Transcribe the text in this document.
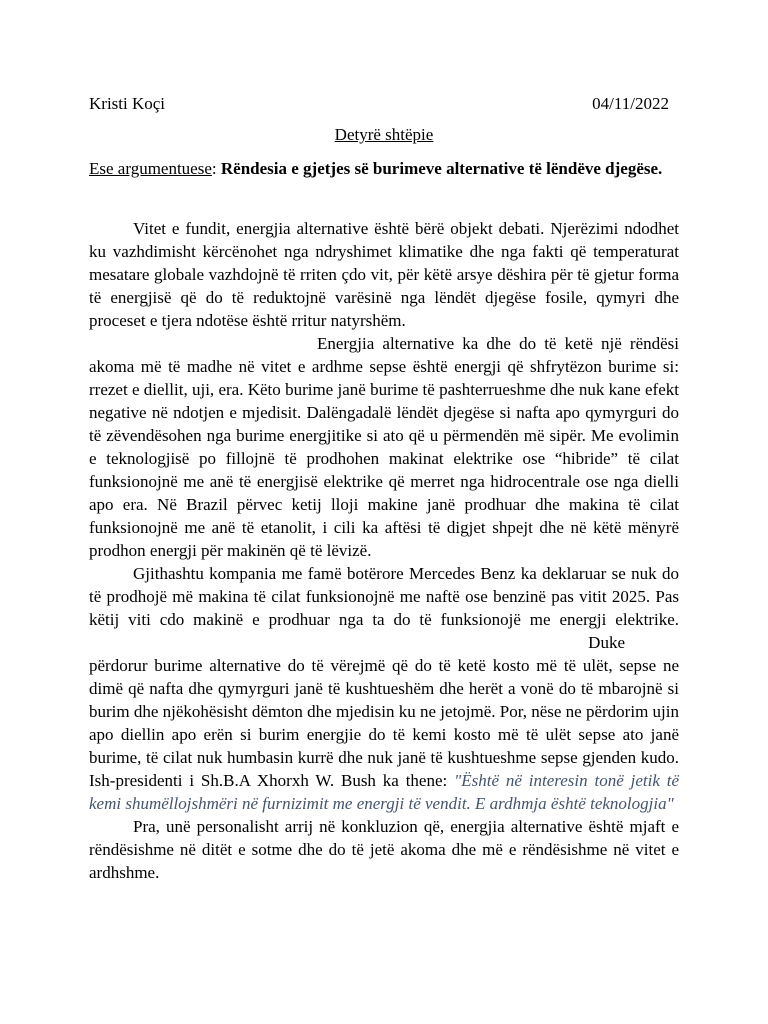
Kristi Koçi	04/11/2022
Detyrë shtëpie
Ese argumentuese: Rëndesia e gjetjes së burimeve alternative të lëndëve djegëse.

Vitet e fundit, energjia alternative është bërë objekt debati. Njerëzimi ndodhet ku vazhdimisht kërcënohet nga ndryshimet klimatike dhe nga fakti që temperaturat mesatare globale vazhdojnë të rriten çdo vit, për këtë arsye dëshira për të gjetur forma të energjisë që do të reduktojnë varësinë nga lëndët djegëse fosile, qymyri dhe proceset e tjera ndotëse është rritur natyrshëm.

Energjia alternative ka dhe do të ketë një rëndësi akoma më të madhe në vitet e ardhme sepse është energji që shfrytëzon burime si: rrezet e diellit, uji, era. Këto burime janë burime të pashterrueshme dhe nuk kane efekt negative në ndotjen e mjedisit. Dalëngadalë lëndët djegëse si nafta apo qymyrguri do të zëvendësohen nga burime energjitike si ato që u përmendën më sipër. Me evolimin e teknologjisë po fillojnë të prodhohen makinat elektrike ose “hibride” të cilat funksionojnë me anë të energjisë elektrike që merret nga hidrocentrale ose nga dielli apo era. Në Brazil përvec ketij lloji makine janë prodhuar dhe makina të cilat funksionojnë me anë të etanolit, i cili ka aftësi të digjet shpejt dhe në këtë mënyrë prodhon energji për makinën që të lëvizë.

Gjithashtu kompania me famë botërore Mercedes Benz ka deklaruar se nuk do të prodhojë më makina të cilat funksionojnë me naftë ose benzinë pas vitit 2025. Pas këtij viti cdo makinë e prodhuar nga ta do të funksionojë me energji elektrike.

Duke
përdorur burime alternative do të vërejmë që do të ketë kosto më të ulët, sepse ne dimë që nafta dhe qymyrguri janë të kushtueshëm dhe herët a vonë do të mbarojnë si burim dhe njëkohësisht dëmton dhe mjedisin ku ne jetojmë. Por, nëse ne përdorim ujin apo diellin apo erën si burim energjie do të kemi kosto më të ulët sepse ato janë burime, të cilat nuk humbasin kurrë dhe nuk janë të kushtueshme sepse gjenden kudo. Ish-presidenti i Sh.B.A Xhorxh W. Bush ka thene: "Është në interesin tonë jetik të kemi shumëllojshmëri në furnizimit me energji të vendit. E ardhmja është teknologjia"

Pra, unë personalisht arrij në konkluzion që, energjia alternative është mjaft e rëndësishme në ditët e sotme dhe do të jetë akoma dhe më e rëndësishme në vitet e ardhshme.
